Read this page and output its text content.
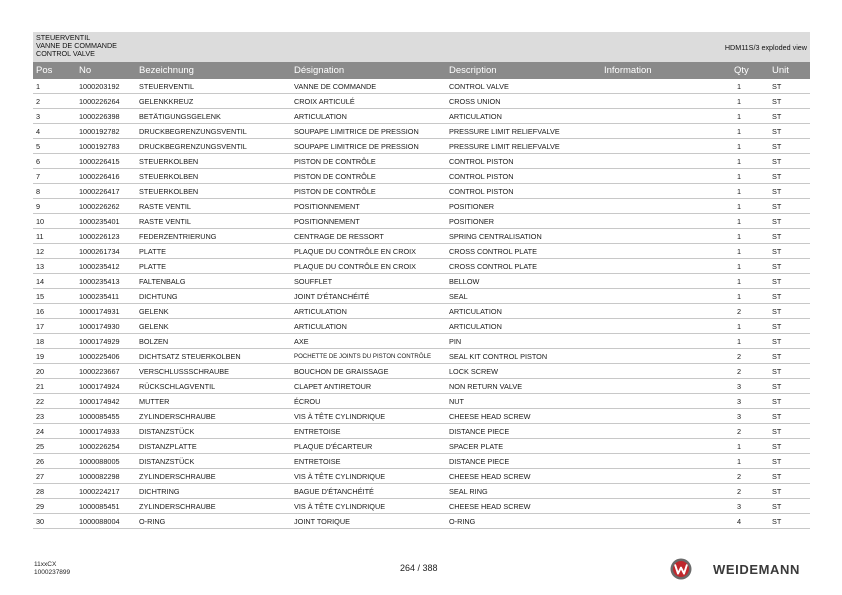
STEUERVENTIL
VANNE DE COMMANDE
CONTROL VALVE
HDM11S/3 exploded view
Pos	No	Bezeichnung	Désignation	Description	Information	Qty	Unit
1	1000203192	STEUERVENTIL	VANNE DE COMMANDE	CONTROL VALVE		1	ST
2	1000226264	GELENKKREUZ	CROIX ARTICULÉ	CROSS UNION		1	ST
3	1000226398	BETÄTIGUNGSGELENK	ARTICULATION	ARTICULATION		1	ST
4	1000192782	DRUCKBEGRENZUNGSVENTIL	SOUPAPE LIMITRICE DE PRESSION	PRESSURE LIMIT RELIEFVALVE		1	ST
5	1000192783	DRUCKBEGRENZUNGSVENTIL	SOUPAPE LIMITRICE DE PRESSION	PRESSURE LIMIT RELIEFVALVE		1	ST
6	1000226415	STEUERKOLBEN	PISTON DE CONTRÔLE	CONTROL PISTON		1	ST
7	1000226416	STEUERKOLBEN	PISTON DE CONTRÔLE	CONTROL PISTON		1	ST
8	1000226417	STEUERKOLBEN	PISTON DE CONTRÔLE	CONTROL PISTON		1	ST
9	1000226262	RASTE VENTIL	POSITIONNEMENT	POSITIONER		1	ST
10	1000235401	RASTE VENTIL	POSITIONNEMENT	POSITIONER		1	ST
11	1000226123	FEDERZENTRIERUNG	CENTRAGE DE RESSORT	SPRING CENTRALISATION		1	ST
12	1000261734	PLATTE	PLAQUE DU CONTRÔLE EN CROIX	CROSS CONTROL PLATE		1	ST
13	1000235412	PLATTE	PLAQUE DU CONTRÔLE EN CROIX	CROSS CONTROL PLATE		1	ST
14	1000235413	FALTENBALG	SOUFFLET	BELLOW		1	ST
15	1000235411	DICHTUNG	JOINT D'ÉTANCHÉITÉ	SEAL		1	ST
16	1000174931	GELENK	ARTICULATION	ARTICULATION		2	ST
17	1000174930	GELENK	ARTICULATION	ARTICULATION		1	ST
18	1000174929	BOLZEN	AXE	PIN		1	ST
19	1000225406	DICHTSATZ STEUERKOLBEN	POCHETTE DE JOINTS DU PISTON CONTRÔLE	SEAL KIT CONTROL PISTON		2	ST
20	1000223667	VERSCHLUSSSCHRAUBE	BOUCHON DE GRAISSAGE	LOCK SCREW		2	ST
21	1000174924	RÜCKSCHLAGVENTIL	CLAPET ANTIRETOUR	NON RETURN VALVE		3	ST
22	1000174942	MUTTER	ÉCROU	NUT		3	ST
23	1000085455	ZYLINDERSCHRAUBE	VIS À TÊTE CYLINDRIQUE	CHEESE HEAD SCREW		3	ST
24	1000174933	DISTANZSTÜCK	ENTRETOISE	DISTANCE PIECE		2	ST
25	1000226254	DISTANZPLATTE	PLAQUE D'ÉCARTEUR	SPACER PLATE		1	ST
26	1000088005	DISTANZSTÜCK	ENTRETOISE	DISTANCE PIECE		1	ST
27	1000082298	ZYLINDERSCHRAUBE	VIS À TÊTE CYLINDRIQUE	CHEESE HEAD SCREW		2	ST
28	1000224217	DICHTRING	BAGUE D'ÉTANCHÉITÉ	SEAL RING		2	ST
29	1000085451	ZYLINDERSCHRAUBE	VIS À TÊTE CYLINDRIQUE	CHEESE HEAD SCREW		3	ST
30	1000088004	O-RING	JOINT TORIQUE	O-RING		4	ST
11xxCX
1000237899	264 / 388	WEIDEMANN
